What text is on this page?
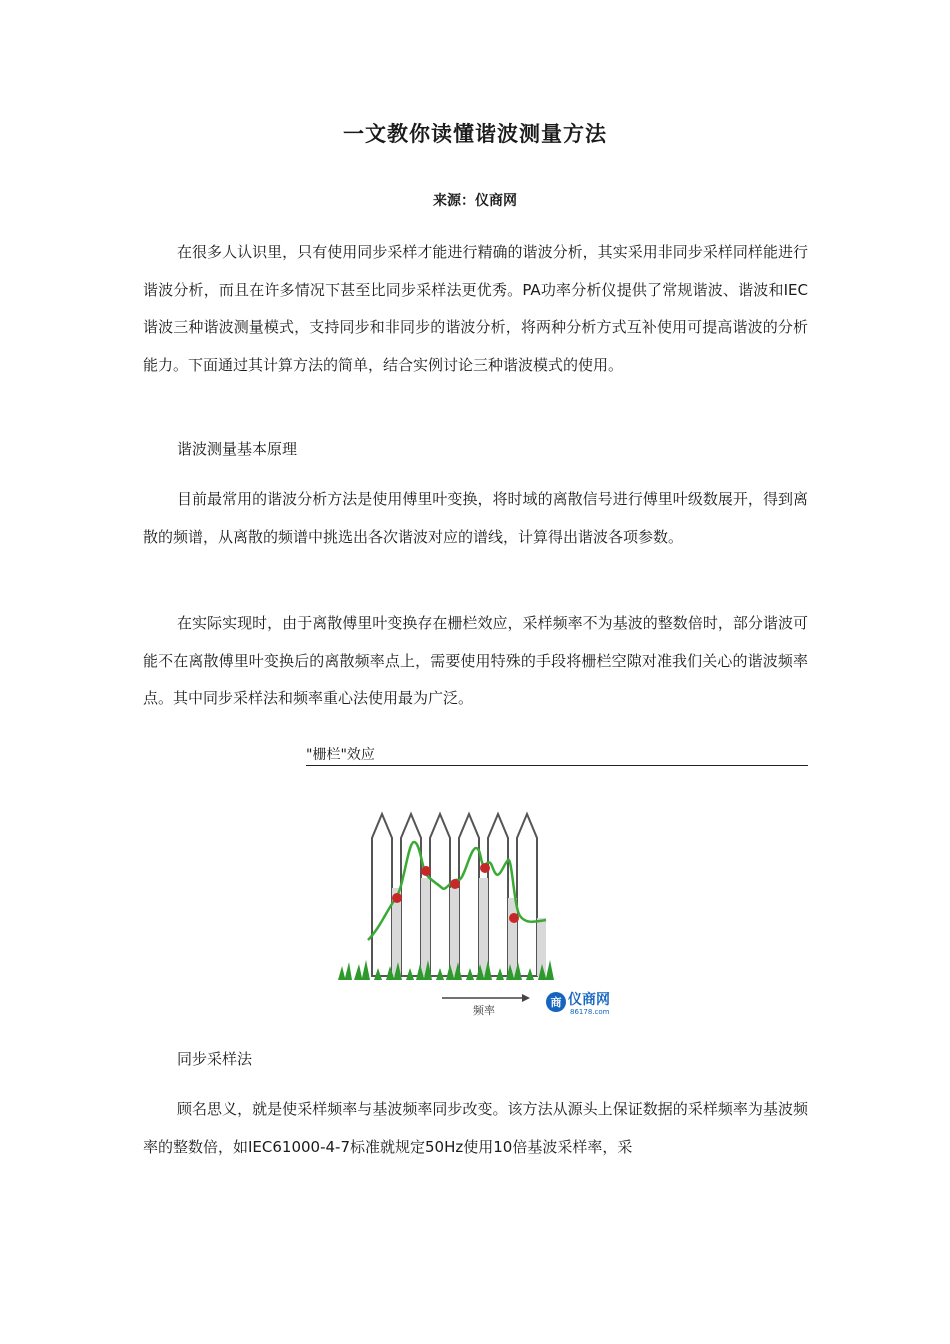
一文教你读懂谐波测量方法
来源：仪商网

在很多人认识里，只有使用同步采样才能进行精确的谐波分析，其实采用非同步采样同样能进行谐波分析，而且在许多情况下甚至比同步采样法更优秀。PA功率分析仪提供了常规谐波、谐波和IEC谐波三种谐波测量模式，支持同步和非同步的谐波分析，将两种分析方式互补使用可提高谐波的分析能力。下面通过其计算方法的简单，结合实例讨论三种谐波模式的使用。

谐波测量基本原理

目前最常用的谐波分析方法是使用傅里叶变换，将时域的离散信号进行傅里叶级数展开，得到离散的频谱，从离散的频谱中挑选出各次谐波对应的谱线，计算得出谐波各项参数。

在实际实现时，由于离散傅里叶变换存在栅栏效应，采样频率不为基波的整数倍时，部分谐波可能不在离散傅里叶变换后的离散频率点上，需要使用特殊的手段将栅栏空隙对准我们关心的谐波频率点。其中同步采样法和频率重心法使用最为广泛。

"栅栏"效应
频率
商 仪商网
86178.com

同步采样法

顾名思义，就是使采样频率与基波频率同步改变。该方法从源头上保证数据的采样频率为基波频率的整数倍，如IEC61000-4-7标准就规定50Hz使用10倍基波采样率，采
